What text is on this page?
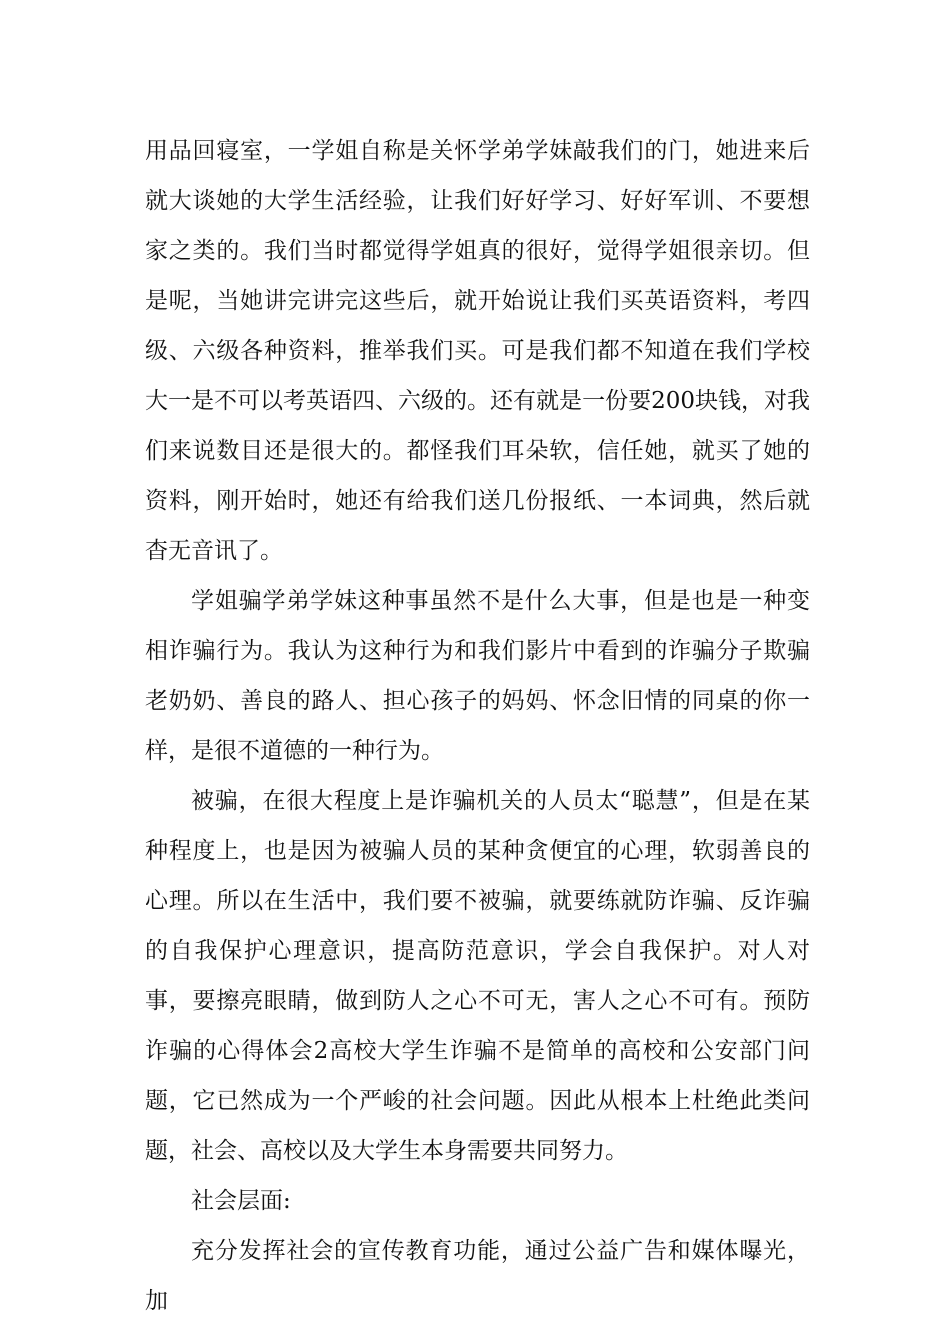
用品回寝室，一学姐自称是关怀学弟学妹敲我们的门，她进来后就大谈她的大学生活经验，让我们好好学习、好好军训、不要想家之类的。我们当时都觉得学姐真的很好，觉得学姐很亲切。但是呢，当她讲完讲完这些后，就开始说让我们买英语资料，考四级、六级各种资料，推举我们买。可是我们都不知道在我们学校大一是不可以考英语四、六级的。还有就是一份要200块钱，对我们来说数目还是很大的。都怪我们耳朵软，信任她，就买了她的资料，刚开始时，她还有给我们送几份报纸、一本词典，然后就杳无音讯了。

学姐骗学弟学妹这种事虽然不是什么大事，但是也是一种变相诈骗行为。我认为这种行为和我们影片中看到的诈骗分子欺骗老奶奶、善良的路人、担心孩子的妈妈、怀念旧情的同桌的你一样，是很不道德的一种行为。

被骗，在很大程度上是诈骗机关的人员太“聪慧”，但是在某种程度上，也是因为被骗人员的某种贪便宜的心理，软弱善良的心理。所以在生活中，我们要不被骗，就要练就防诈骗、反诈骗的自我保护心理意识，提高防范意识，学会自我保护。对人对事，要擦亮眼睛，做到防人之心不可无，害人之心不可有。预防诈骗的心得体会2高校大学生诈骗不是简单的高校和公安部门问题，它已然成为一个严峻的社会问题。因此从根本上杜绝此类问题，社会、高校以及大学生本身需要共同努力。

社会层面:

充分发挥社会的宣传教育功能，通过公益广告和媒体曝光，加
